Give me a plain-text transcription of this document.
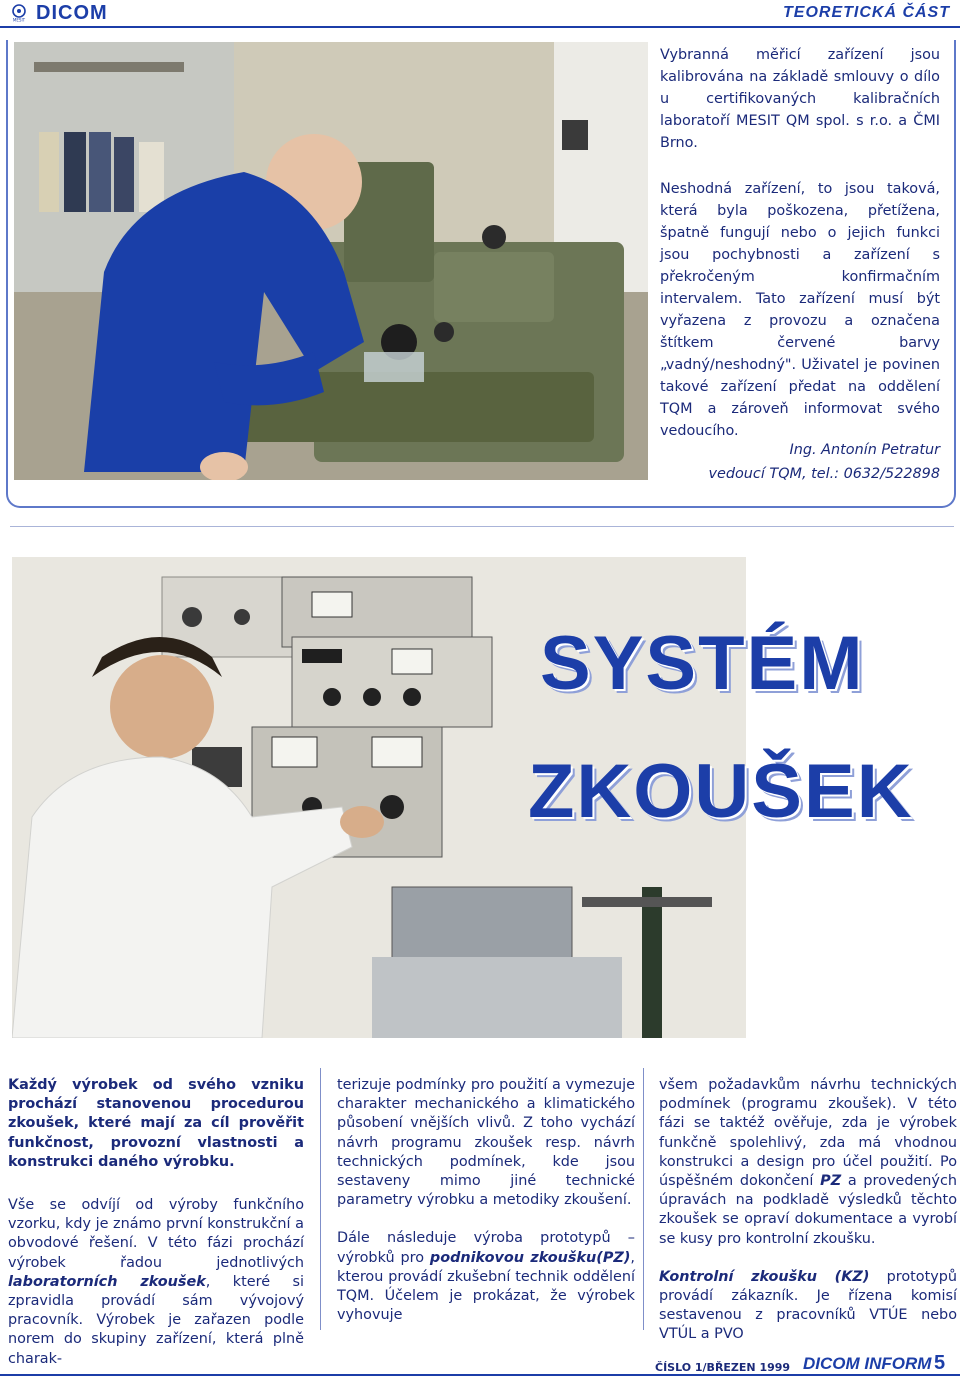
MESIT DICOM	TEORETICKÁ ČÁST

Vybranná měřicí zařízení jsou kalibrována na základě smlouvy o dílo u certifikovaných kalibračních laboratoří MESIT QM spol. s r.o. a ČMI Brno.

Neshodná zařízení, to jsou taková, která byla poškozena, přetížena, špatně fungují nebo o jejich funkci jsou pochybnosti a zařízení s překročeným konfirmačním intervalem. Tato zařízení musí být vyřazena z provozu a označena štítkem červené barvy „vadný/neshodný". Uživatel je povinen takové zařízení předat na oddělení TQM a zároveň informovat svého vedoucího.

Ing. Antonín Petratur
vedoucí TQM, tel.: 0632/522898
SYSTÉM
ZKOUŠEK

Každý výrobek od svého vzniku prochází stanovenou procedurou zkoušek, které mají za cíl prověřit funkčnost, provozní vlastnosti a konstrukci daného výrobku.

Vše se odvíjí od výroby funkčního vzorku, kdy je známo první konstrukční a obvodové řešení. V této fázi prochází výrobek řadou jednotlivých laboratorních zkoušek, které si zpravidla provádí sám vývojový pracovník. Výrobek je zařazen podle norem do skupiny zařízení, která plně charak-

terizuje podmínky pro použití a vymezuje charakter mechanického a klimatického působení vnějších vlivů. Z toho vychází návrh programu zkoušek resp. návrh technických podmínek, kde jsou sestaveny mimo jiné technické parametry výrobku a metodiky zkoušení.

Dále následuje výroba prototypů – výrobků pro podnikovou zkoušku(PZ), kterou provádí zkušební technik oddělení TQM. Účelem je prokázat, že výrobek vyhovuje

všem požadavkům návrhu technických podmínek (programu zkoušek). V této fázi se taktéž ověřuje, zda je výrobek funkčně spolehlivý, zda má vhodnou konstrukci a design pro účel použití. Po úspěšném dokončení PZ a provedených úpravách na podkladě výsledků těchto zkoušek se opraví dokumentace a vyrobí se kusy pro kontrolní zkoušku.

Kontrolní zkoušku (KZ) prototypů provádí zákazník. Je řízena komisí sestavenou z pracovníků VTÚE nebo VTÚL a PVO

ČÍSLO 1/BŘEZEN 1999 DICOM INFORM 5
